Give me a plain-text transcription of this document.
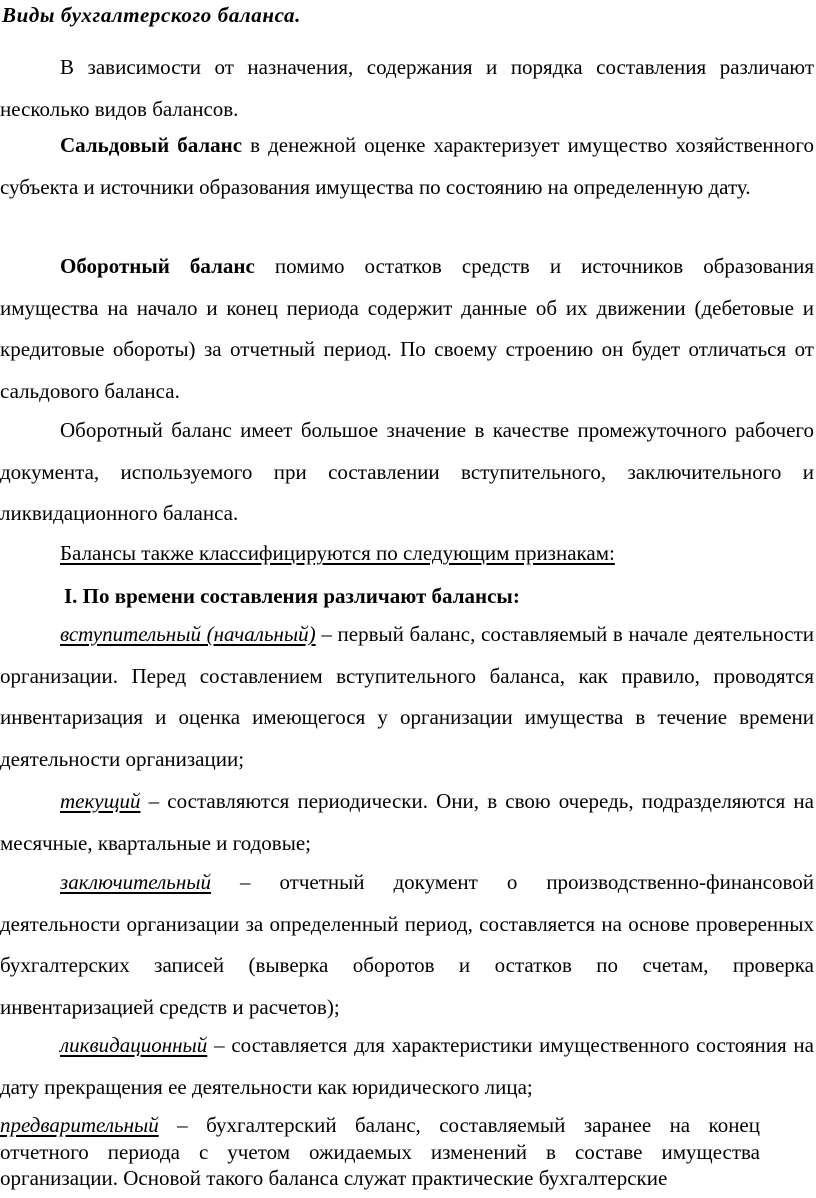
Виды бухгалтерского баланса.

В зависимости от назначения, содержания и порядка составления различают несколько видов балансов.

Сальдовый баланс в денежной оценке характеризует имущество хозяйственного субъекта и источники образования имущества по состоянию на определенную дату.

Оборотный баланс помимо остатков средств и источников образования имущества на начало и конец периода содержит данные об их движении (дебетовые и кредитовые обороты) за отчетный период. По своему строению он будет отличаться от сальдового баланса.

Оборотный баланс имеет большое значение в качестве промежуточного рабочего документа, используемого при составлении вступительного, заключительного и ликвидационного баланса.

Балансы также классифицируются по следующим признакам:

I. По времени составления различают балансы:

вступительный (начальный) – первый баланс, составляемый в начале деятельности организации. Перед составлением вступительного баланса, как правило, проводятся инвентаризация и оценка имеющегося у организации имущества в течение времени деятельности организации;

текущий – составляются периодически. Они, в свою очередь, подразделяются на месячные, квартальные и годовые;

заключительный – отчетный документ о производственно-финансовой деятельности организации за определенный период, составляется на основе проверенных бухгалтерских записей (выверка оборотов и остатков по счетам, проверка инвентаризацией средств и расчетов);

ликвидационный – составляется для характеристики имущественного состояния на дату прекращения ее деятельности как юридического лица;

предварительный – бухгалтерский баланс, составляемый заранее на конец отчетного периода с учетом ожидаемых изменений в составе имущества организации. Основой такого баланса служат практические бухгалтерские
